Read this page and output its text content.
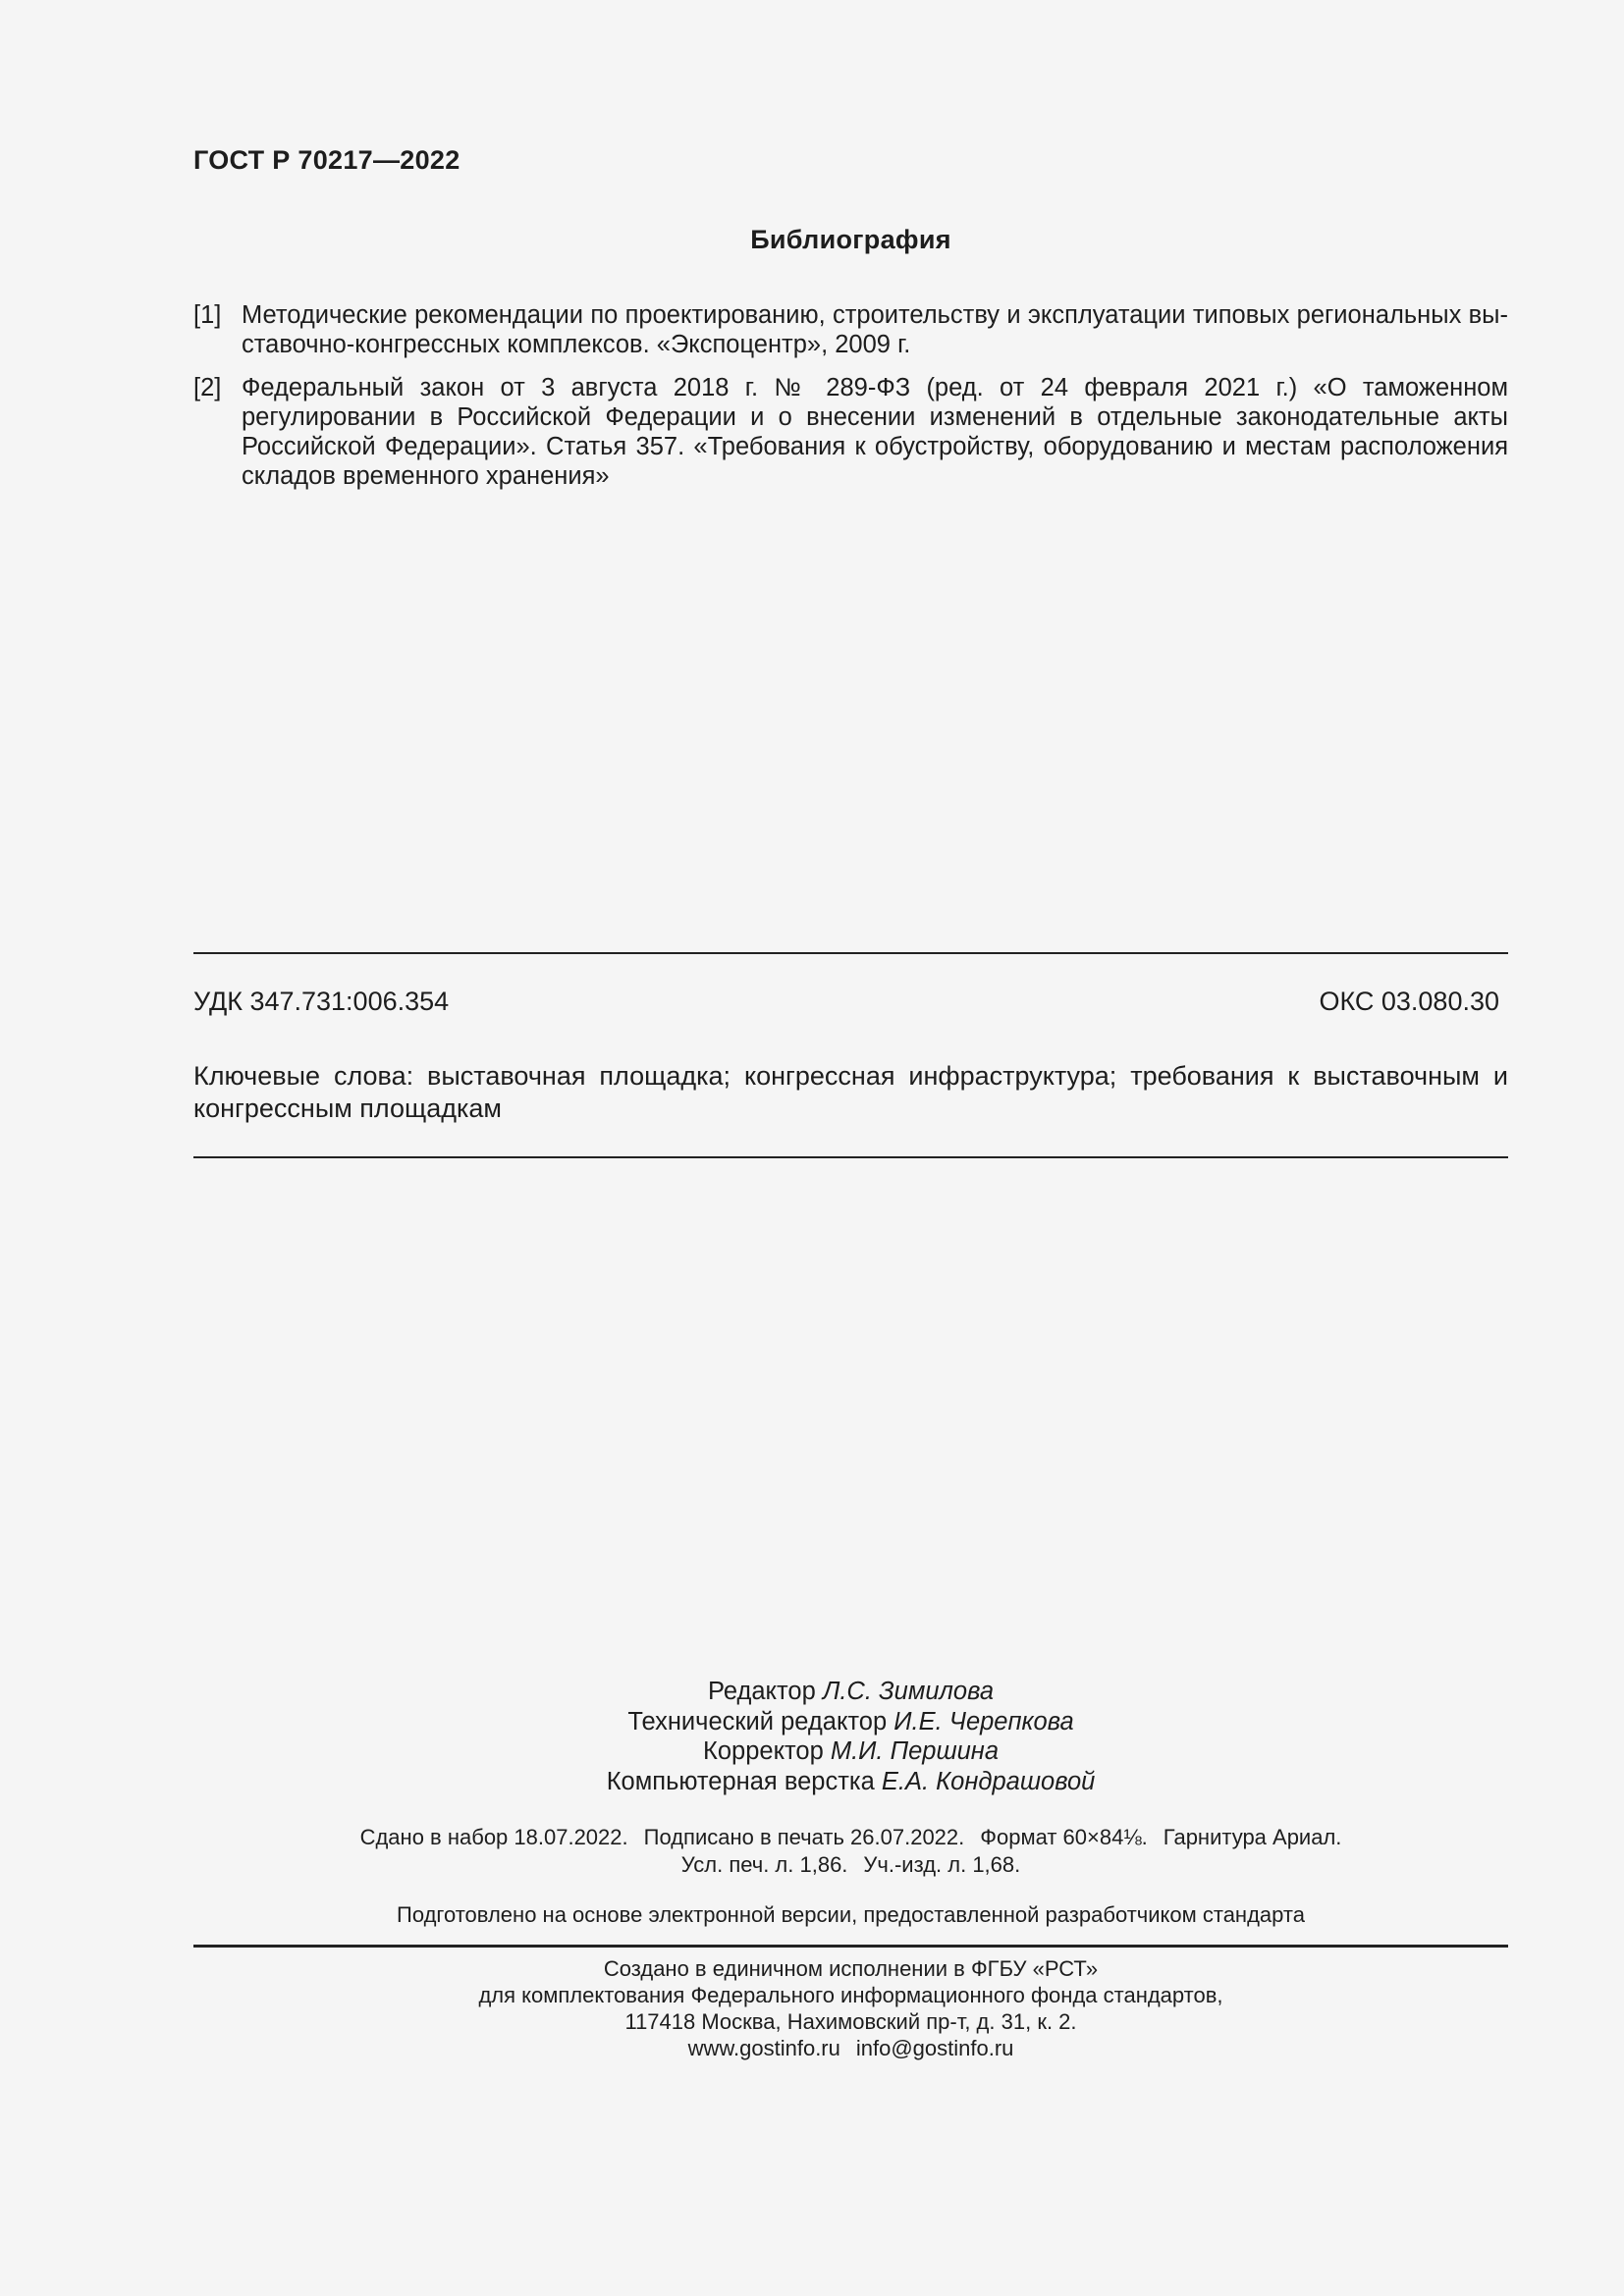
ГОСТ Р 70217—2022
Библиография
[1] Методические рекомендации по проектированию, строительству и эксплуатации типовых региональных выставочно-конгрессных комплексов. «Экспоцентр», 2009 г.
[2] Федеральный закон от 3 августа 2018 г. № 289-ФЗ (ред. от 24 февраля 2021 г.) «О таможенном регулировании в Российской Федерации и о внесении изменений в отдельные законодательные акты Российской Федерации». Статья 357. «Требования к обустройству, оборудованию и местам расположения складов временного хранения»
УДК 347.731:006.354	ОКС 03.080.30
Ключевые слова: выставочная площадка; конгрессная инфраструктура; требования к выставочным и конгрессным площадкам
Редактор Л.С. Зимилова
Технический редактор И.Е. Черепкова
Корректор М.И. Першина
Компьютерная верстка Е.А. Кондрашовой
Сдано в набор 18.07.2022. Подписано в печать 26.07.2022. Формат 60×84⅛. Гарнитура Ариал.
Усл. печ. л. 1,86. Уч.-изд. л. 1,68.
Подготовлено на основе электронной версии, предоставленной разработчиком стандарта
Создано в единичном исполнении в ФГБУ «РСТ»
для комплектования Федерального информационного фонда стандартов,
117418 Москва, Нахимовский пр-т, д. 31, к. 2.
www.gostinfo.ru info@gostinfo.ru
